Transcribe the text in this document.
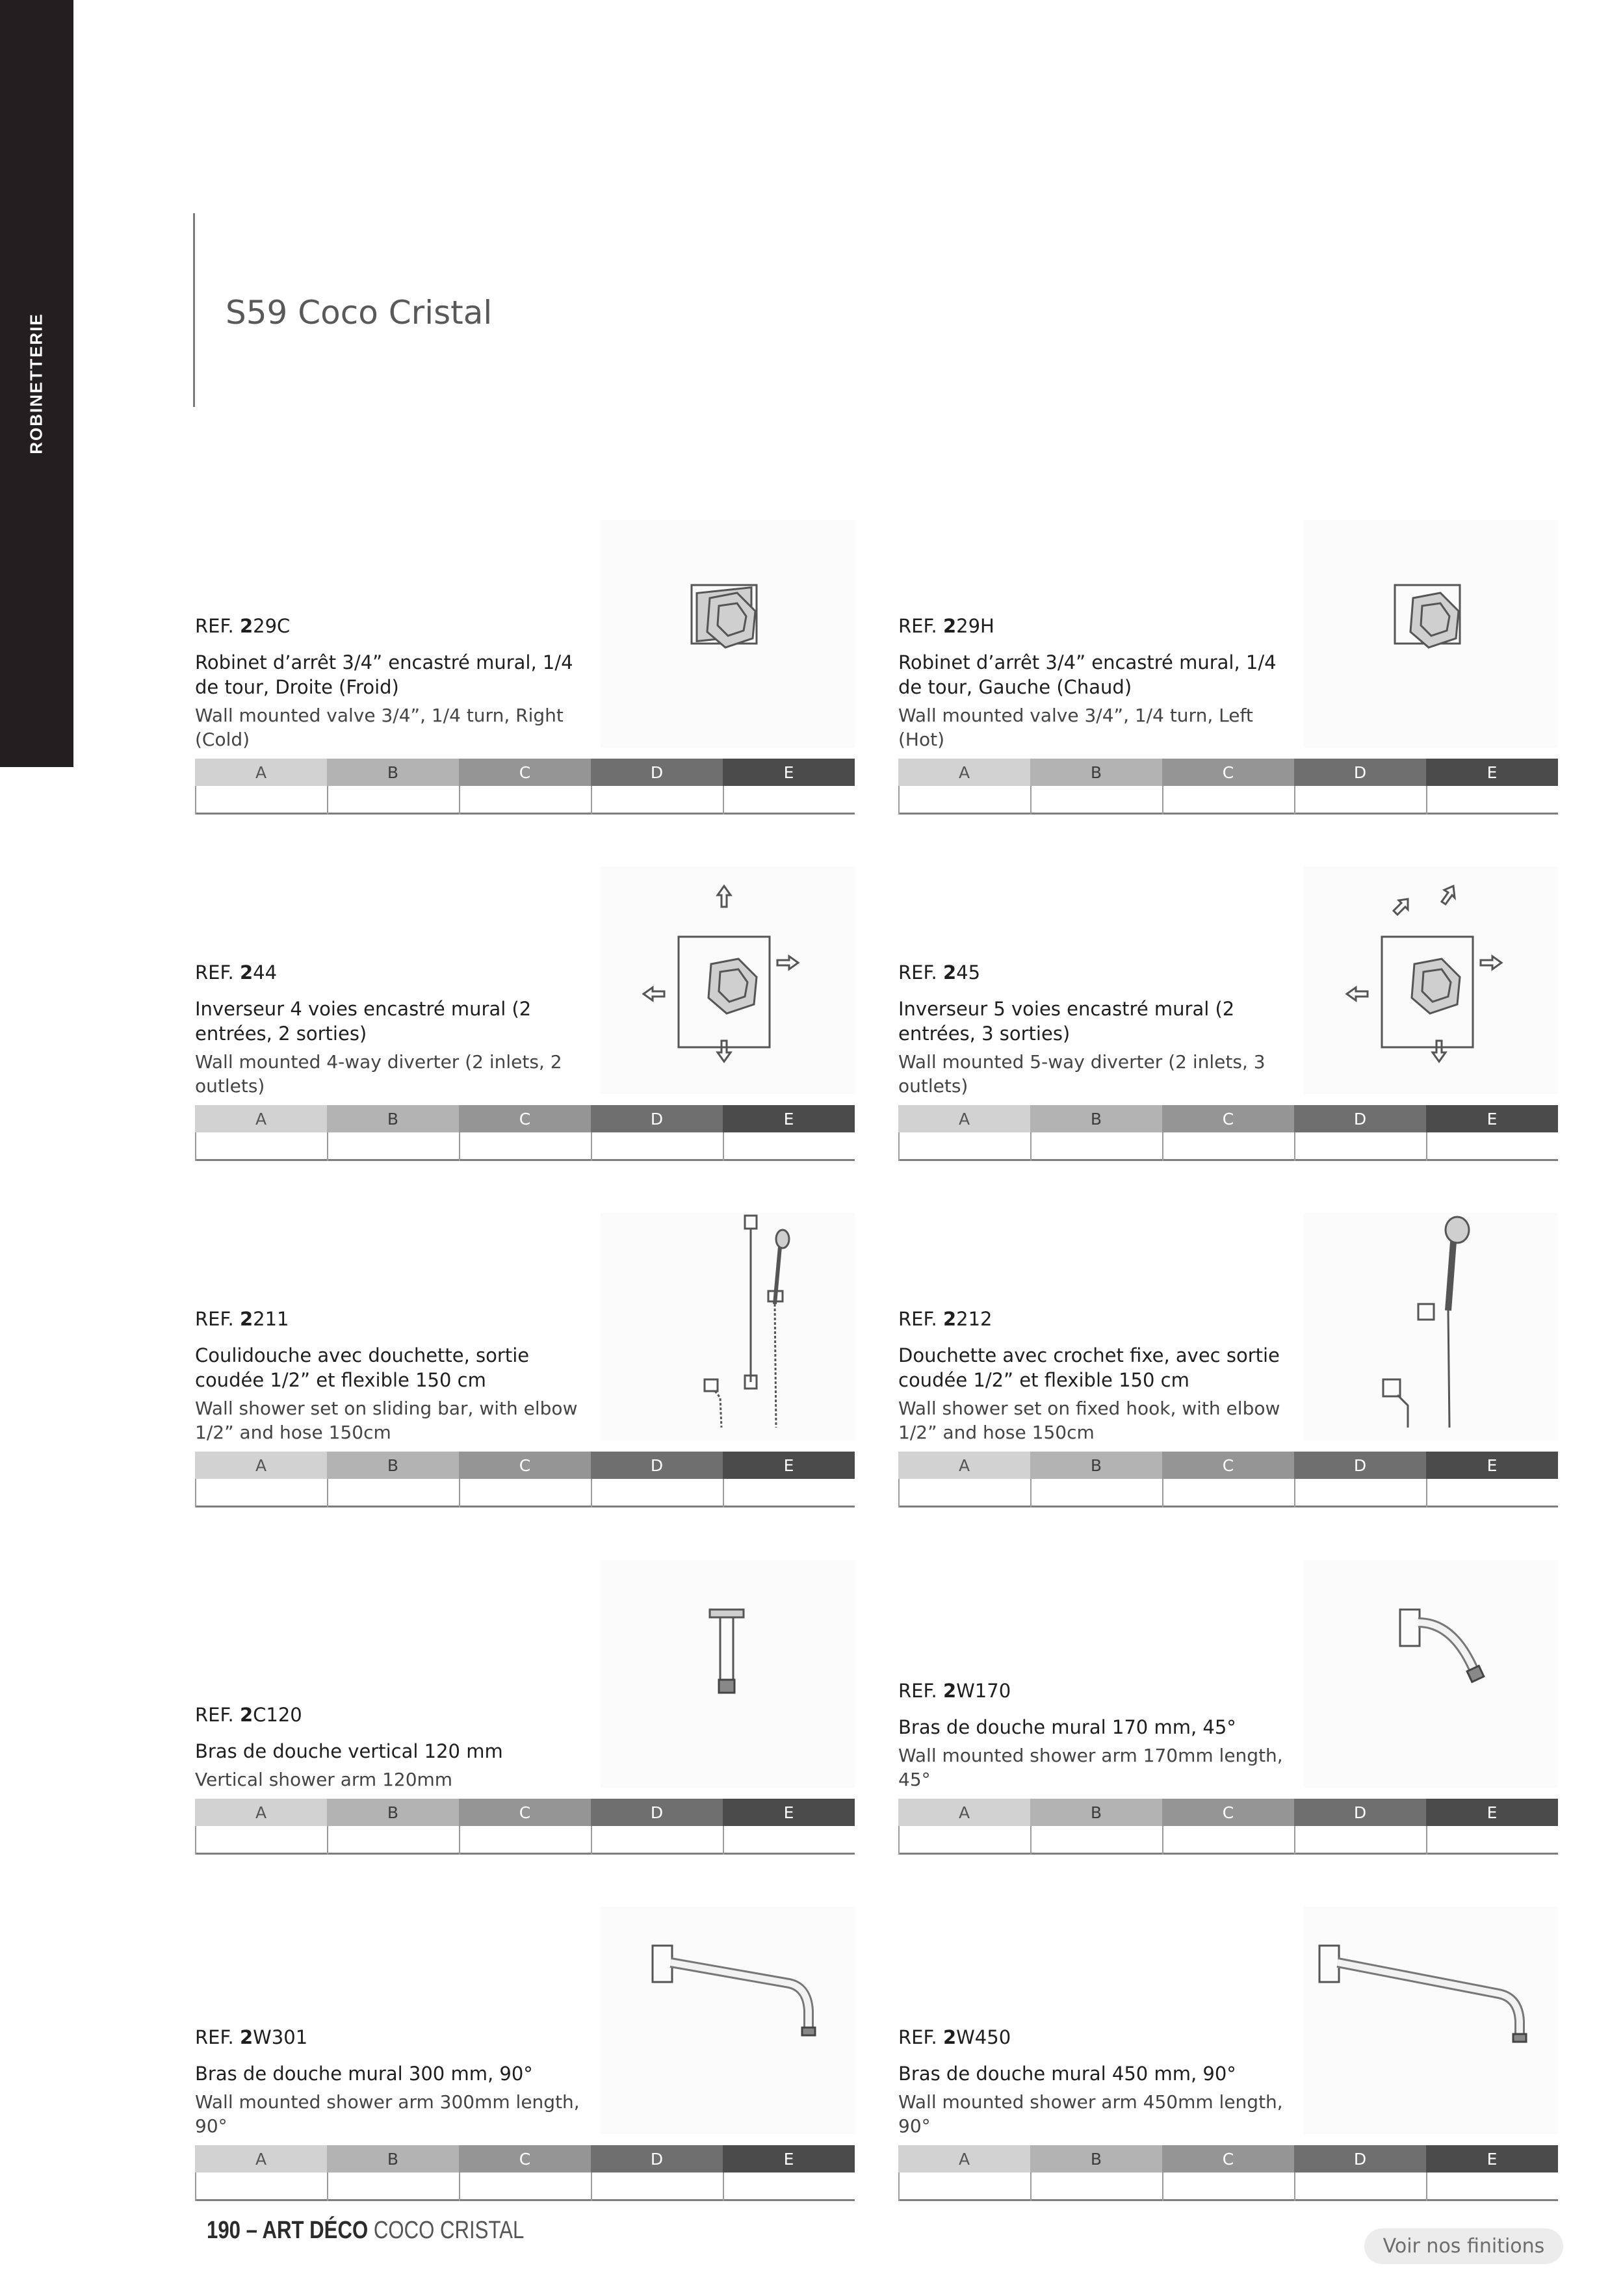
ROBINETTERIE
S59 Coco Cristal
REF. 229C
Robinet d’arrêt 3/4” encastré mural, 1/4 de tour, Droite (Froid)
Wall mounted valve 3/4”, 1/4 turn, Right (Cold)
A	B	C	D	E
REF. 229H
Robinet d’arrêt 3/4” encastré mural, 1/4 de tour, Gauche (Chaud)
Wall mounted valve 3/4”, 1/4 turn, Left (Hot)
A	B	C	D	E
REF. 244
Inverseur 4 voies encastré mural (2 entrées, 2 sorties)
Wall mounted 4-way diverter (2 inlets, 2 outlets)
A	B	C	D	E
REF. 245
Inverseur 5 voies encastré mural (2 entrées, 3 sorties)
Wall mounted 5-way diverter (2 inlets, 3 outlets)
A	B	C	D	E
REF. 2211
Coulidouche avec douchette, sortie coudée 1/2” et flexible 150 cm
Wall shower set on sliding bar, with elbow 1/2” and hose 150cm
A	B	C	D	E
REF. 2212
Douchette avec crochet fixe, avec sortie coudée 1/2” et flexible 150 cm
Wall shower set on fixed hook, with elbow 1/2” and hose 150cm
A	B	C	D	E
REF. 2C120
Bras de douche vertical 120 mm
Vertical shower arm 120mm
A	B	C	D	E
REF. 2W170
Bras de douche mural 170 mm, 45°
Wall mounted shower arm 170mm length, 45°
A	B	C	D	E
REF. 2W301
Bras de douche mural 300 mm, 90°
Wall mounted shower arm 300mm length, 90°
A	B	C	D	E
REF. 2W450
Bras de douche mural 450 mm, 90°
Wall mounted shower arm 450mm length, 90°
A	B	C	D	E
190 – ART DÉCO COCO CRISTAL
Voir nos finitions
